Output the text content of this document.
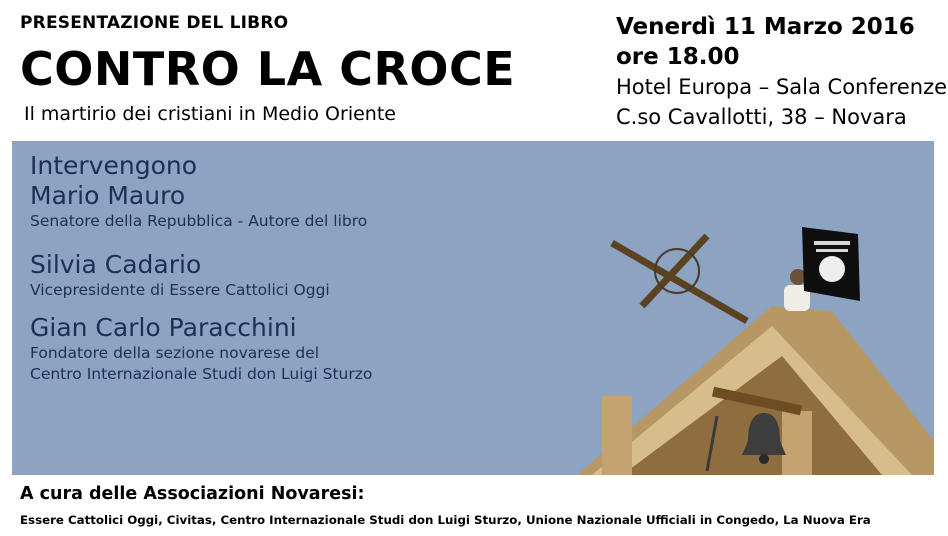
PRESENTAZIONE DEL LIBRO
CONTRO LA CROCE
Il martirio dei cristiani in Medio Oriente
Venerdì 11 Marzo 2016
ore 18.00
Hotel Europa – Sala Conferenze
C.so Cavallotti, 38 – Novara
Intervengono
Mario Mauro
Senatore della Repubblica - Autore del libro
Silvia Cadario
Vicepresidente di Essere Cattolici Oggi
Gian Carlo Paracchini
Fondatore della sezione novarese del
Centro Internazionale Studi don Luigi Sturzo
A cura delle Associazioni Novaresi:
Essere Cattolici Oggi, Civitas, Centro Internazionale Studi don Luigi Sturzo, Unione Nazionale Ufficiali in Congedo, La Nuova Era
